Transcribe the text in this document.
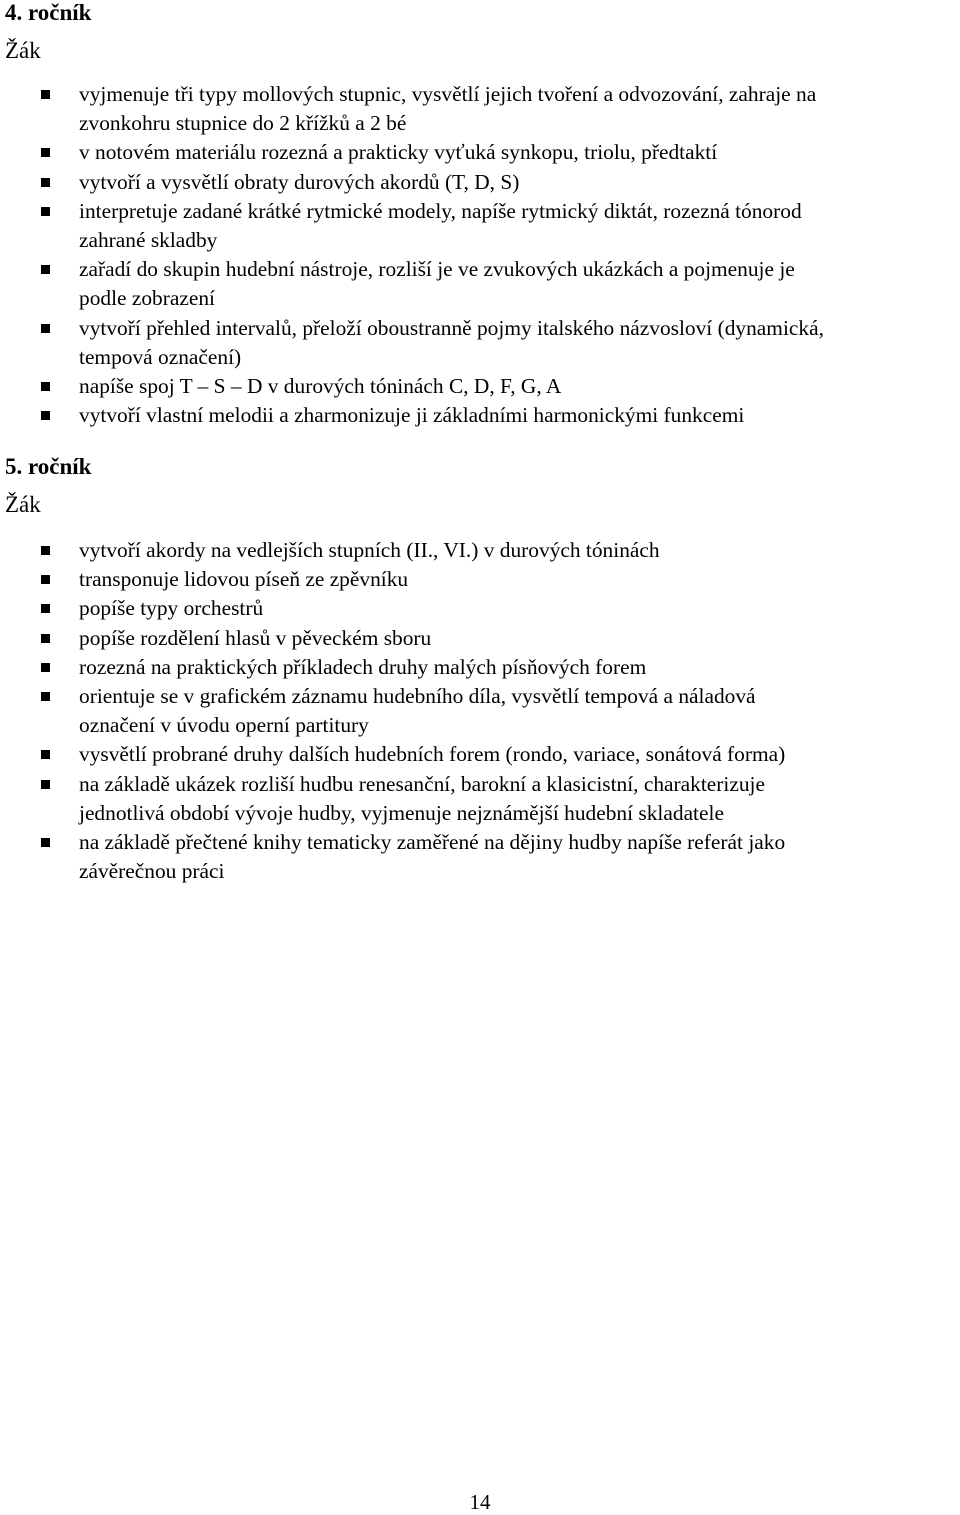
4. ročník
Žák
vyjmenuje tři typy mollových stupnic, vysvětlí jejich tvoření a odvozování, zahraje na
zvonkohru stupnice do 2 křížků a 2 bé
v notovém materiálu rozezná a prakticky vyťuká synkopu, triolu, předtaktí
vytvoří a vysvětlí obraty durových akordů (T, D, S)
interpretuje zadané krátké rytmické modely, napíše rytmický diktát, rozezná tónorod
zahrané skladby
zařadí do skupin hudební nástroje, rozliší je ve zvukových ukázkách a pojmenuje je
podle zobrazení
vytvoří přehled intervalů, přeloží oboustranně pojmy italského názvosloví (dynamická,
tempová označení)
napíše spoj T – S – D v durových tóninách C, D, F, G, A
vytvoří vlastní melodii a zharmonizuje ji základními harmonickými funkcemi
5. ročník
Žák
vytvoří akordy na vedlejších stupních (II., VI.) v durových tóninách
transponuje lidovou píseň ze zpěvníku
popíše typy orchestrů
popíše rozdělení hlasů v pěveckém sboru
rozezná na praktických příkladech druhy malých písňových forem
orientuje se v grafickém záznamu hudebního díla, vysvětlí tempová a náladová
označení v úvodu operní partitury
vysvětlí probrané druhy dalších hudebních forem (rondo, variace, sonátová forma)
na základě ukázek rozliší hudbu renesanční, barokní a klasicistní, charakterizuje
jednotlivá období vývoje hudby, vyjmenuje nejznámější hudební skladatele
na základě přečtené knihy tematicky zaměřené na dějiny hudby napíše referát jako
závěrečnou práci
14
